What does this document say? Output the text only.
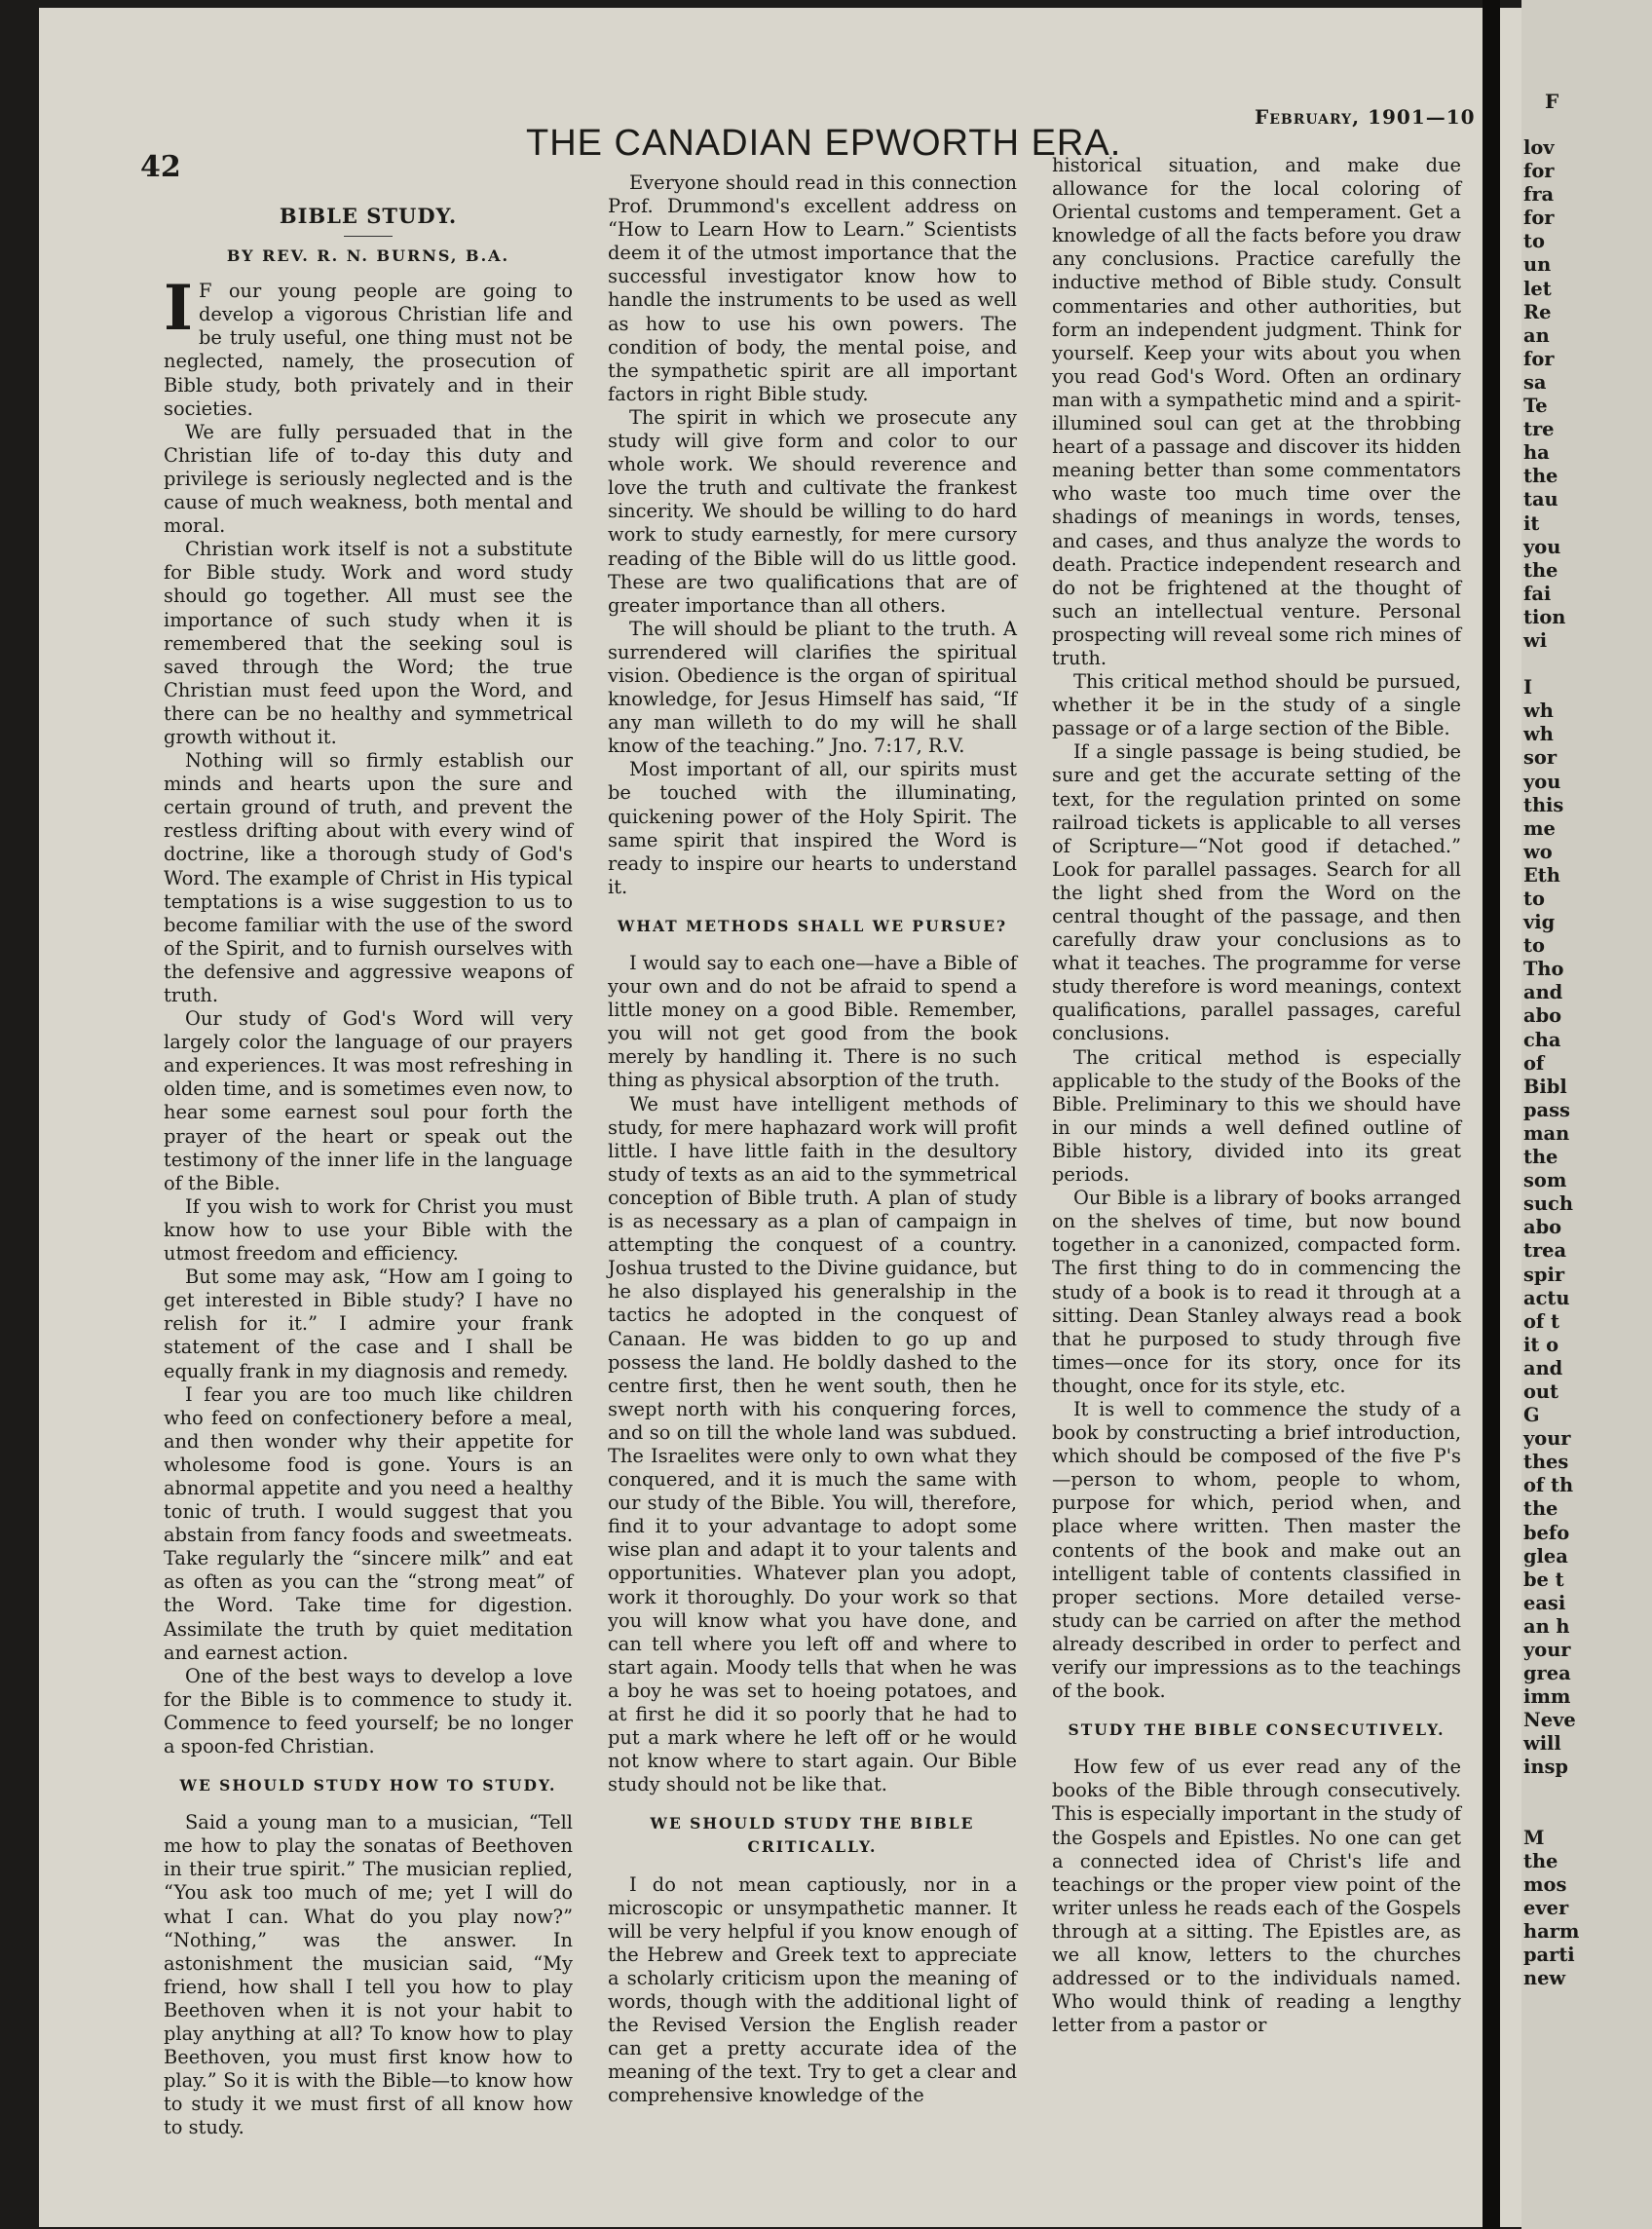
42
THE CANADIAN EPWORTH ERA.
February, 1901—10
BIBLE STUDY.
BY REV. R. N. BURNS, B.A.

I F our young people are going to develop a vigorous Christian life and be truly useful, one thing must not be neglected, namely, the prosecution of Bible study, both privately and in their societies.

We are fully persuaded that in the Christian life of to-day this duty and privilege is seriously neglected and is the cause of much weakness, both mental and moral.

Christian work itself is not a substitute for Bible study. Work and word study should go together. All must see the importance of such study when it is remembered that the seeking soul is saved through the Word; the true Christian must feed upon the Word, and there can be no healthy and symmetrical growth without it.

Nothing will so firmly establish our minds and hearts upon the sure and certain ground of truth, and prevent the restless drifting about with every wind of doctrine, like a thorough study of God's Word. The example of Christ in His typical temptations is a wise suggestion to us to become familiar with the use of the sword of the Spirit, and to furnish ourselves with the defensive and aggressive weapons of truth.

Our study of God's Word will very largely color the language of our prayers and experiences. It was most refreshing in olden time, and is sometimes even now, to hear some earnest soul pour forth the prayer of the heart or speak out the testimony of the inner life in the language of the Bible.

If you wish to work for Christ you must know how to use your Bible with the utmost freedom and efficiency.

But some may ask, “How am I going to get interested in Bible study? I have no relish for it.” I admire your frank statement of the case and I shall be equally frank in my diagnosis and remedy.

I fear you are too much like children who feed on confectionery before a meal, and then wonder why their appetite for wholesome food is gone. Yours is an abnormal appetite and you need a healthy tonic of truth. I would suggest that you abstain from fancy foods and sweetmeats. Take regularly the “sincere milk” and eat as often as you can the “strong meat” of the Word. Take time for digestion. Assimilate the truth by quiet meditation and earnest action.

One of the best ways to develop a love for the Bible is to commence to study it. Commence to feed yourself; be no longer a spoon-fed Christian.

WE SHOULD STUDY HOW TO STUDY.

Said a young man to a musician, “Tell me how to play the sonatas of Beethoven in their true spirit.” The musician replied, “You ask too much of me; yet I will do what I can. What do you play now?” “Nothing,” was the answer. In astonishment the musician said, “My friend, how shall I tell you how to play Beethoven when it is not your habit to play anything at all? To know how to play Beethoven, you must first know how to play.” So it is with the Bible—to know how to study it we must first of all know how to study.

Everyone should read in this connection Prof. Drummond's excellent address on “How to Learn How to Learn.” Scientists deem it of the utmost importance that the successful investigator know how to handle the instruments to be used as well as how to use his own powers. The condition of body, the mental poise, and the sympathetic spirit are all important factors in right Bible study.

The spirit in which we prosecute any study will give form and color to our whole work. We should reverence and love the truth and cultivate the frankest sincerity. We should be willing to do hard work to study earnestly, for mere cursory reading of the Bible will do us little good. These are two qualifications that are of greater importance than all others.

The will should be pliant to the truth. A surrendered will clarifies the spiritual vision. Obedience is the organ of spiritual knowledge, for Jesus Himself has said, “If any man willeth to do my will he shall know of the teaching.” Jno. 7:17, R.V.

Most important of all, our spirits must be touched with the illuminating, quickening power of the Holy Spirit. The same spirit that inspired the Word is ready to inspire our hearts to understand it.

WHAT METHODS SHALL WE PURSUE?

I would say to each one—have a Bible of your own and do not be afraid to spend a little money on a good Bible. Remember, you will not get good from the book merely by handling it. There is no such thing as physical absorption of the truth.

We must have intelligent methods of study, for mere haphazard work will profit little. I have little faith in the desultory study of texts as an aid to the symmetrical conception of Bible truth. A plan of study is as necessary as a plan of campaign in attempting the conquest of a country. Joshua trusted to the Divine guidance, but he also displayed his generalship in the tactics he adopted in the conquest of Canaan. He was bidden to go up and possess the land. He boldly dashed to the centre first, then he went south, then he swept north with his conquering forces, and so on till the whole land was subdued. The Israelites were only to own what they conquered, and it is much the same with our study of the Bible. You will, therefore, find it to your advantage to adopt some wise plan and adapt it to your talents and opportunities. Whatever plan you adopt, work it thoroughly. Do your work so that you will know what you have done, and can tell where you left off and where to start again. Moody tells that when he was a boy he was set to hoeing potatoes, and at first he did it so poorly that he had to put a mark where he left off or he would not know where to start again. Our Bible study should not be like that.

WE SHOULD STUDY THE BIBLE CRITICALLY.

I do not mean captiously, nor in a microscopic or unsympathetic manner. It will be very helpful if you know enough of the Hebrew and Greek text to appreciate a scholarly criticism upon the meaning of words, though with the additional light of the Revised Version the English reader can get a pretty accurate idea of the meaning of the text. Try to get a clear and comprehensive knowledge of the

historical situation, and make due allowance for the local coloring of Oriental customs and temperament. Get a knowledge of all the facts before you draw any conclusions. Practice carefully the inductive method of Bible study. Consult commentaries and other authorities, but form an independent judgment. Think for yourself. Keep your wits about you when you read God's Word. Often an ordinary man with a sympathetic mind and a spirit-illumined soul can get at the throbbing heart of a passage and discover its hidden meaning better than some commentators who waste too much time over the shadings of meanings in words, tenses, and cases, and thus analyze the words to death. Practice independent research and do not be frightened at the thought of such an intellectual venture. Personal prospecting will reveal some rich mines of truth.

This critical method should be pursued, whether it be in the study of a single passage or of a large section of the Bible.

If a single passage is being studied, be sure and get the accurate setting of the text, for the regulation printed on some railroad tickets is applicable to all verses of Scripture—“Not good if detached.” Look for parallel passages. Search for all the light shed from the Word on the central thought of the passage, and then carefully draw your conclusions as to what it teaches. The programme for verse study therefore is word meanings, context qualifications, parallel passages, careful conclusions.

The critical method is especially applicable to the study of the Books of the Bible. Preliminary to this we should have in our minds a well defined outline of Bible history, divided into its great periods.

Our Bible is a library of books arranged on the shelves of time, but now bound together in a canonized, compacted form. The first thing to do in commencing the study of a book is to read it through at a sitting. Dean Stanley always read a book that he purposed to study through five times—once for its story, once for its thought, once for its style, etc.

It is well to commence the study of a book by constructing a brief introduction, which should be composed of the five P's—person to whom, people to whom, purpose for which, period when, and place where written. Then master the contents of the book and make out an intelligent table of contents classified in proper sections. More detailed verse-study can be carried on after the method already described in order to perfect and verify our impressions as to the teachings of the book.

STUDY THE BIBLE CONSECUTIVELY.

How few of us ever read any of the books of the Bible through consecutively. This is especially important in the study of the Gospels and Epistles. No one can get a connected idea of Christ's life and teachings or the proper view point of the writer unless he reads each of the Gospels through at a sitting. The Epistles are, as we all know, letters to the churches addressed or to the individuals named. Who would think of reading a lengthy letter from a pastor or

F
lov
for
fra
for
to
un
let
Re
an
for
sa
Te
tre
ha
the
tau
it
you
the
fai
tion
wi

I
wh
wh
sor
you
this
me
wo
Eth
to
vig
to
Tho
and
abo
cha
of
Bibl
pass
man
the
som
such
abo
trea
spir
actu
of t
it o
and
out
G
your
thes
of th
the
befo
glea
be t
easi
an h
your
grea
imm
Neve
will
insp

M
the
mos
ever
harm
parti
new
